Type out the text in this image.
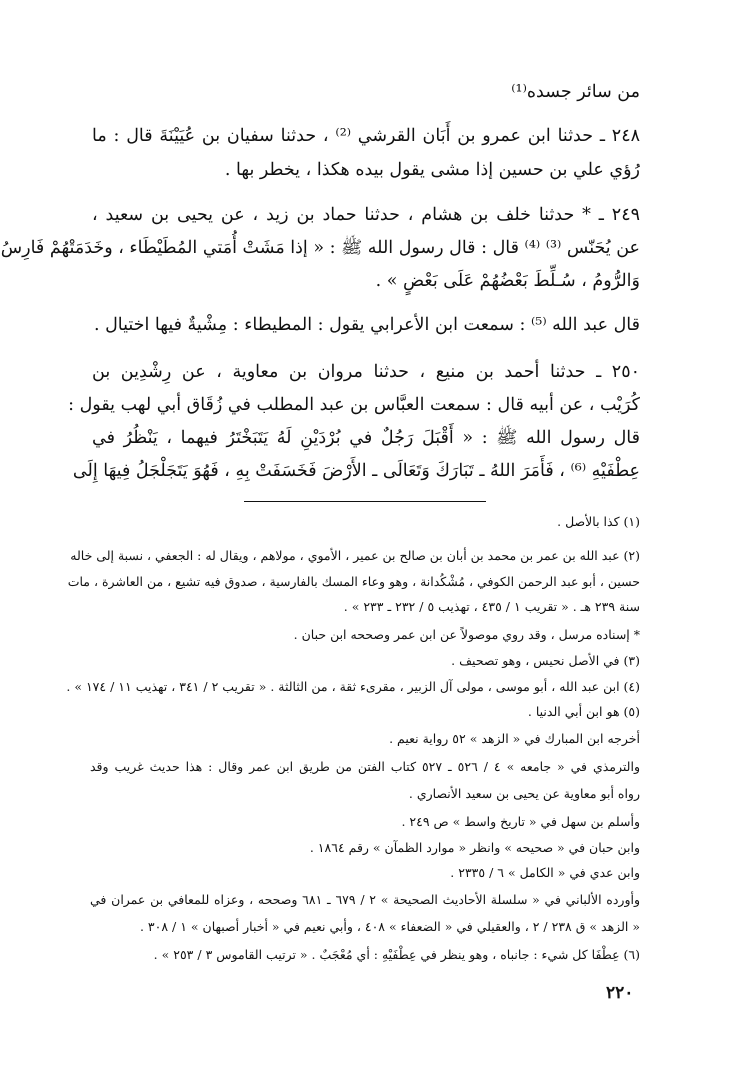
من سائر جسده⁽¹⁾
٢٤٨ ـ حدثنا ابن عمرو بن أَبَان القرشي ⁽²⁾ ، حدثنا سفيان بن عُيَيْنَةَ قال : ما
رُؤي علي بن حسين إذا مشى يقول بيده هكذا ، يخطر بها .
٢٤٩ ـ * حدثنا خلف بن هشام ، حدثنا حماد بن زيد ، عن يحيى بن سعيد ،
عن يُحَنّس ⁽³⁾ ⁽⁴⁾ قال : قال رسول الله ﷺ : « إذا مَشَتْ أُمَتي المُطَيْطَاء ، وخَدَمَتْهُمْ فَارِسُ
وَالرُّومُ ، سُـلِّطَ بَعْضُهُمْ عَلَى بَعْضٍ » .
قال عبد الله ⁽⁵⁾ : سمعت ابن الأعرابي يقول : المطيطاء : مِشْيةٌ فيها اختيال .
٢٥٠ ـ حدثنا أحمد بن منيع ، حدثنا مروان بن معاوية ، عن رِشْدِين بن
كُرَيْب ، عن أبيه قال : سمعت العبَّاس بن عبد المطلب في زُقَاق أبي لهب يقول :
قال رسول الله ﷺ : « أَقْبَلَ رَجُلٌ في بُرْدَيْنِ لَهُ يَتَبَخْتَرُ فيهما ، يَنْظُرُ في
عِطْفَيْهِ ⁽⁶⁾ ، فَأَمَرَ اللهُ ـ تَبَارَكَ وَتَعَالَى ـ الأَرْضَ فَخَسَفَتْ بِهِ ، فَهُوَ يَتَجَلْجَلُ فِيهَا إِلَى
(١) كذا بالأصل .
(٢) عبد الله بن عمر بن محمد بن أبان بن صالح بن عمير ، الأموي ، مولاهم ، ويقال له : الجعفي ، نسبة إلى خاله
حسين ، أبو عبد الرحمن الكوفي ، مُشْكُدانة ، وهو وعاء المسك بالفارسية ، صدوق فيه تشيع ، من العاشرة ، مات
سنة ٢٣٩ هـ . « تقريب ١ / ٤٣٥ ، تهذيب ٥ / ٢٣٢ ـ ٢٣٣ » .
* إسناده مرسل ، وقد روي موصولاً عن ابن عمر وصححه ابن حبان .
(٣) في الأصل نحيس ، وهو تصحيف .
(٤) ابن عبد الله ، أبو موسى ، مولى آل الزبير ، مقرىء ثقة ، من الثالثة . « تقريب ٢ / ٣٤١ ، تهذيب ١١ / ١٧٤ » .
(٥) هو ابن أبي الدنيا .
أخرجه ابن المبارك في « الزهد » ٥٢ رواية نعيم .
والترمذي في « جامعه » ٤ / ٥٢٦ ـ ٥٢٧ كتاب الفتن من طريق ابن عمر وقال : هذا حديث غريب وقد
رواه أبو معاوية عن يحيى بن سعيد الأنصاري .
وأسلم بن سهل في « تاريخ واسط » ص ٢٤٩ .
وابن حبان في « صحيحه » وانظر « موارد الظمآن » رقم ١٨٦٤ .
وابن عدي في « الكامل » ٦ / ٢٣٣٥ .
وأورده الألباني في « سلسلة الأحاديث الصحيحة » ٢ / ٦٧٩ ـ ٦٨١ وصححه ، وعزاه للمعافي بن عمران في
« الزهد » ق ٢٣٨ / ٢ ، والعقيلي في « الضعفاء » ٤٠٨ ، وأبي نعيم في « أخبار أصبهان » ١ / ٣٠٨ .
(٦) عِطْفَا كل شيء : جانباه ، وهو ينظر في عِطْفَيْهِ : أي مُعْجَبٌ . « ترتيب القاموس ٣ / ٢٥٣ » .
٢٢٠
